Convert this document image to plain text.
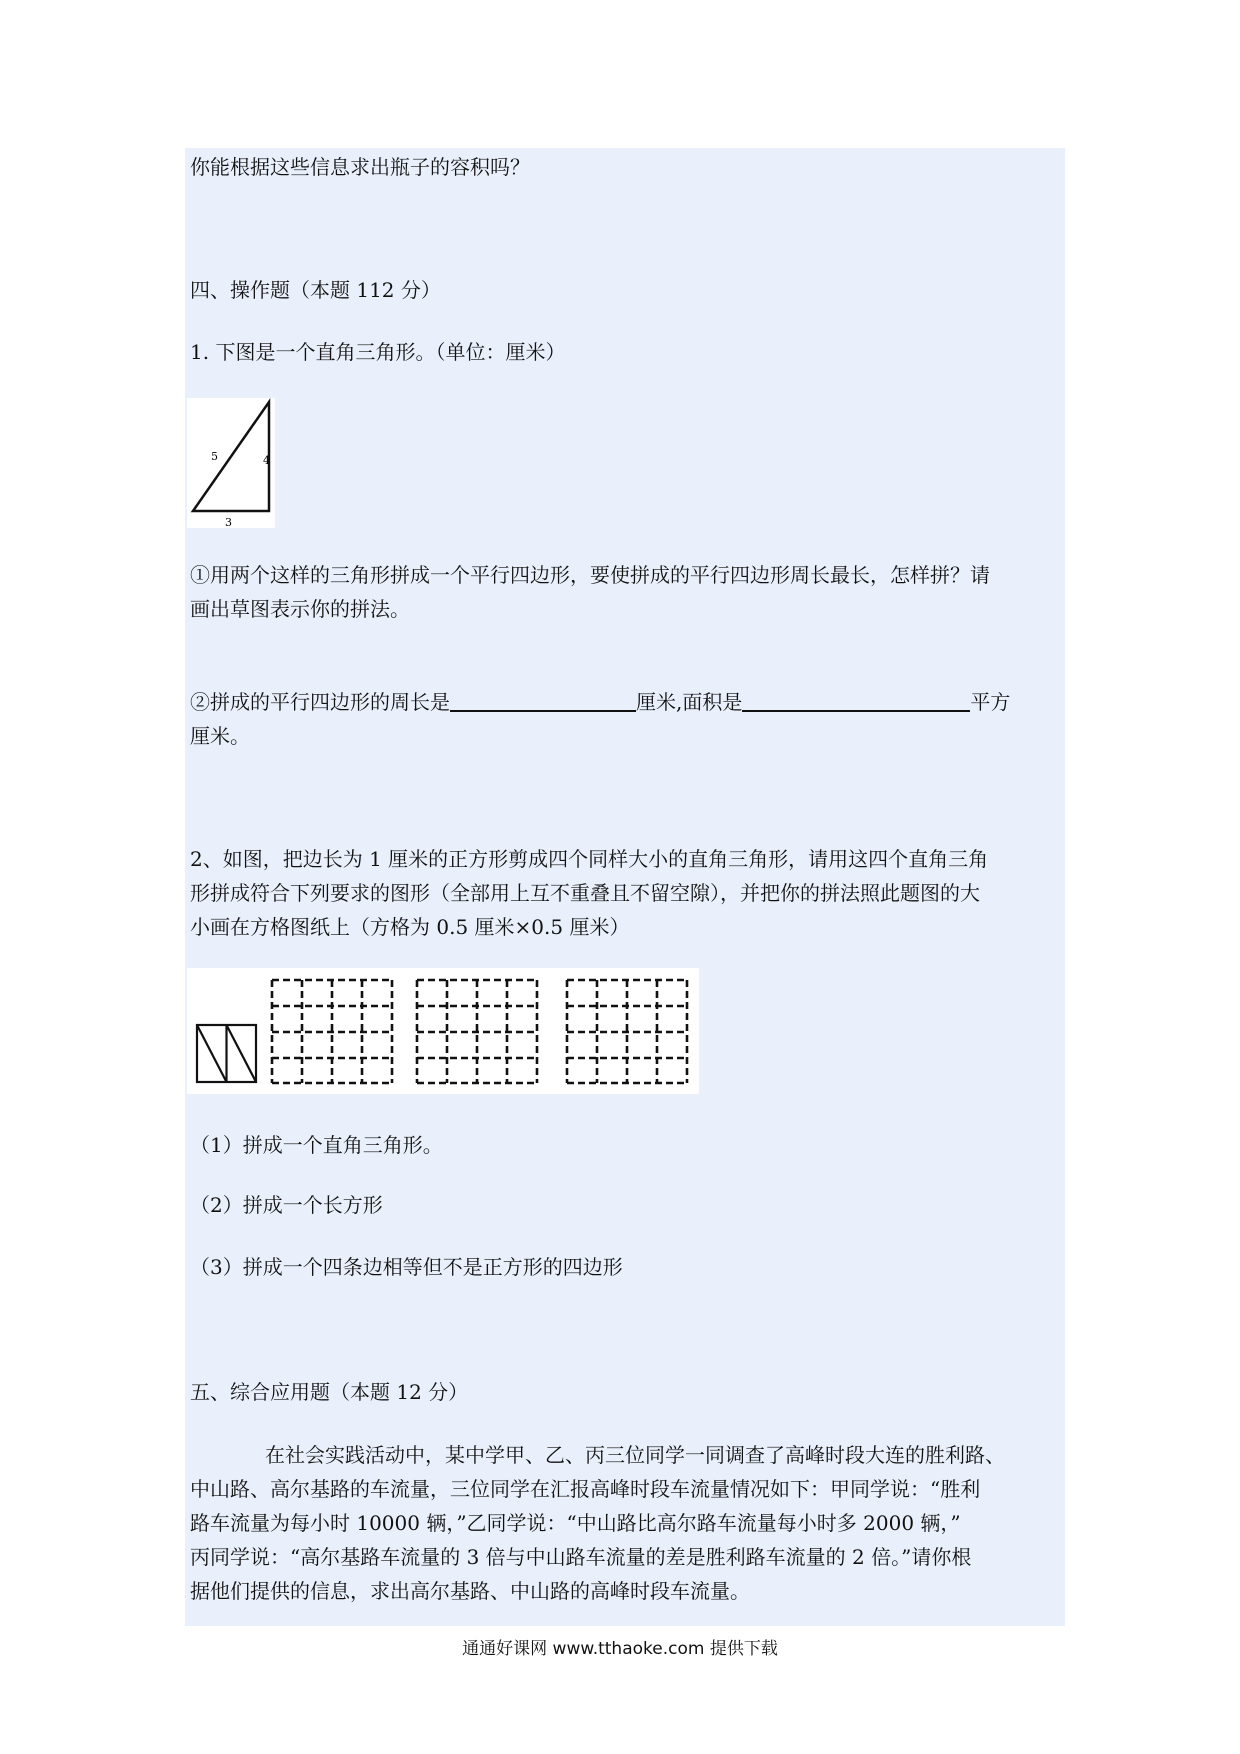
你能根据这些信息求出瓶子的容积吗？

四、操作题（本题 112 分）

1. 下图是一个直角三角形。（单位：厘米）

5	4
3

①用两个这样的三角形拼成一个平行四边形，要使拼成的平行四边形周长最长，怎样拼？请

画出草图表示你的拼法。

②拼成的平行四边形的周长是	厘米,面积是	平方

厘米。

2、如图，把边长为 1 厘米的正方形剪成四个同样大小的直角三角形，请用这四个直角三角

形拼成符合下列要求的图形（全部用上互不重叠且不留空隙），并把你的拼法照此题图的大

小画在方格图纸上（方格为 0.5 厘米×0.5 厘米）

（1）拼成一个直角三角形。

（2）拼成一个长方形

（3）拼成一个四条边相等但不是正方形的四边形

五、综合应用题（本题 12 分）

在社会实践活动中，某中学甲、乙、丙三位同学一同调查了高峰时段大连的胜利路、

中山路、高尔基路的车流量，三位同学在汇报高峰时段车流量情况如下：甲同学说：“胜利

路车流量为每小时 10000 辆，”乙同学说：“中山路比高尔路车流量每小时多 2000 辆，”

丙同学说：“高尔基路车流量的 3 倍与中山路车流量的差是胜利路车流量的 2 倍。”请你根

据他们提供的信息，求出高尔基路、中山路的高峰时段车流量。

通通好课网 www.tthaoke.com 提供下载
